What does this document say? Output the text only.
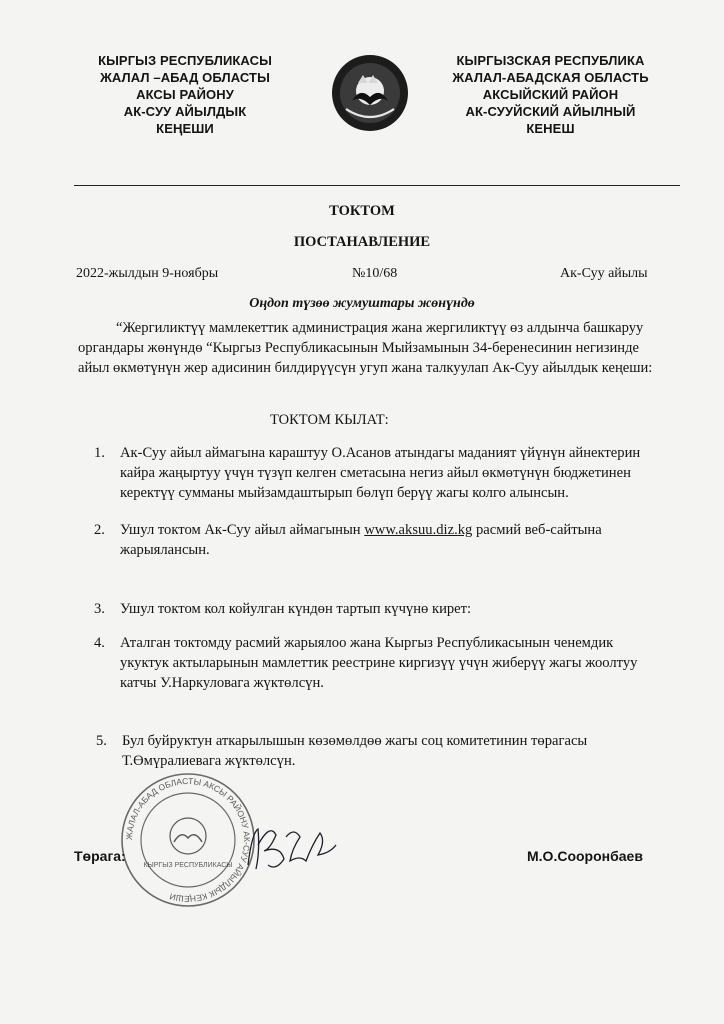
КЫРГЫЗ РЕСПУБЛИКАСЫ
ЖАЛАЛ –АБАД ОБЛАСТЫ
АКСЫ РАЙОНУ
АК-СУУ АЙЫЛДЫК
КЕҢЕШИ
КЫРГЫЗСКАЯ РЕСПУБЛИКА
ЖАЛАЛ-АБАДСКАЯ ОБЛАСТЬ
АКСЫЙСКИЙ РАЙОН
АК-СУУЙСКИЙ АЙЫЛНЫЙ
КЕНЕШ
ТОКТОМ
ПОСТАНАВЛЕНИЕ
2022-жылдын 9-ноябры	№10/68	Ак-Суу айылы
Оңдоп түзөө жумуштары жөнүндө
“Жергиликтүү мамлекеттик администрация жана жергиликтүү өз алдынча башкаруу органдары жөнүндө “Кыргыз Республикасынын Мыйзамынын 34-беренесинин негизинде айыл өкмөтүнүн жер адисинин билдирүүсүн угуп жана талкуулап Ак-Суу айылдык кеңеши:
ТОКТОМ КЫЛАТ:
1. Ак-Суу айыл аймагына караштуу О.Асанов атындагы маданият үйүнүн айнектерин кайра жаңыртуу үчүн түзүп келген сметасына негиз айыл өкмөтүнүн бюджетинен керектүү сумманы мыйзамдаштырып бөлүп берүү жагы колго алынсын.
2. Ушул токтом Ак-Суу айыл аймагынын www.aksuu.diz.kg расмий веб-сайтына жарыялансын.
3. Ушул токтом кол койулган күндөн тартып күчүнө кирет:
4. Аталган токтомду расмий жарыялоо жана Кыргыз Республикасынын ченемдик укуктук актыларынын мамлеттик реестрине киргизүү үчүн жиберүү жагы жоолтуу катчы У.Наркуловага жүктөлсүн.
5. Бул буйруктун аткарылышын көзөмөлдөө жагы соц комитетинин төрагасы Т.Өмүралиевага жүктөлсүн.
ЖАЛАЛ-АБАД ОБЛАСТЫ АКСЫ РАЙОНУ АК-СУУ АЙЫЛДЫК КЕҢЕШИ
КЫРГЫЗ РЕСПУБЛИКАСЫ
Төрага:	М.О.Сооронбаев
